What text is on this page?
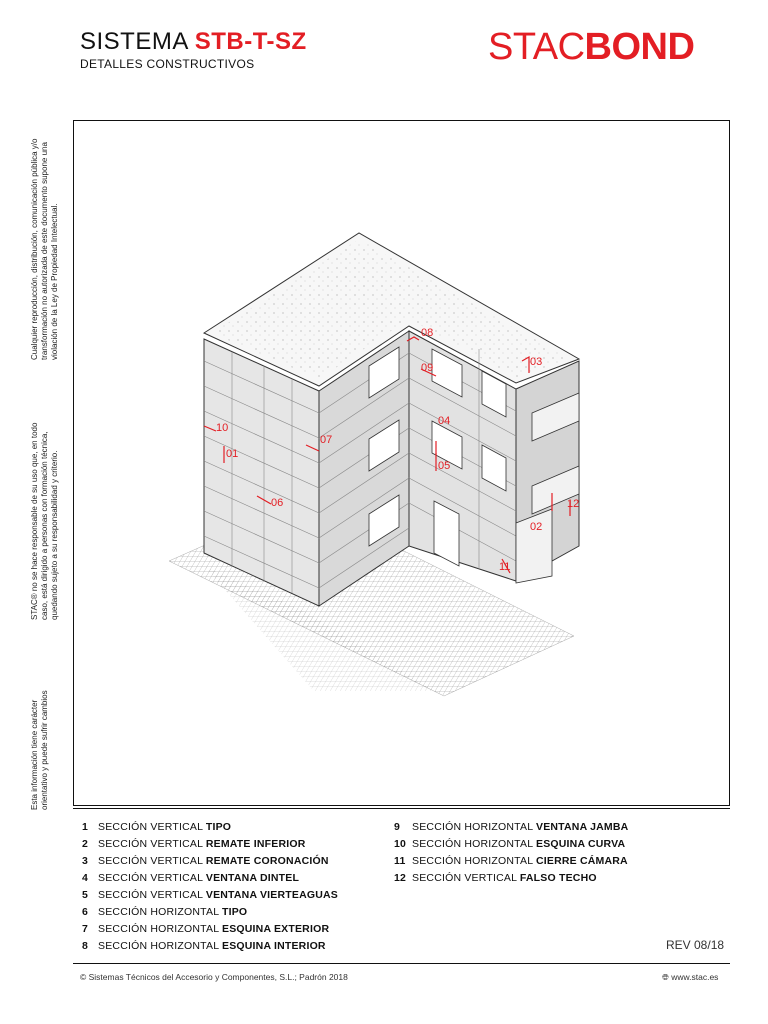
SISTEMA STB-T-SZ
DETALLES CONSTRUCTIVOS	STACBOND
Esta información tiene carácter orientativo y puede sufrir cambios
STAC® no se hace responsable de su uso que, en todo caso, está dirigido a personas con formación técnica, quedando sujeto a su responsabilidad y criterio.
Cualquier reproducción, distribución, comunicación pública y/o transformación no autorizada de este documento supone una violación de la Ley de Propiedad Intelectual.
01
02
03
04
05
06
07
08
09
10
11
12
1 SECCIÓN VERTICAL TIPO
2 SECCIÓN VERTICAL REMATE INFERIOR
3 SECCIÓN VERTICAL REMATE CORONACIÓN
4 SECCIÓN VERTICAL VENTANA DINTEL
5 SECCIÓN VERTICAL VENTANA VIERTEAGUAS
6 SECCIÓN HORIZONTAL TIPO
7 SECCIÓN HORIZONTAL ESQUINA EXTERIOR
8 SECCIÓN HORIZONTAL ESQUINA INTERIOR
9 SECCIÓN HORIZONTAL VENTANA JAMBA
10 SECCIÓN HORIZONTAL ESQUINA CURVA
11 SECCIÓN HORIZONTAL CIERRE CÁMARA
12 SECCIÓN VERTICAL FALSO TECHO
REV 08/18
© Sistemas Técnicos del Accesorio y Componentes, S.L.; Padrón 2018	🌐︎ www.stac.es
